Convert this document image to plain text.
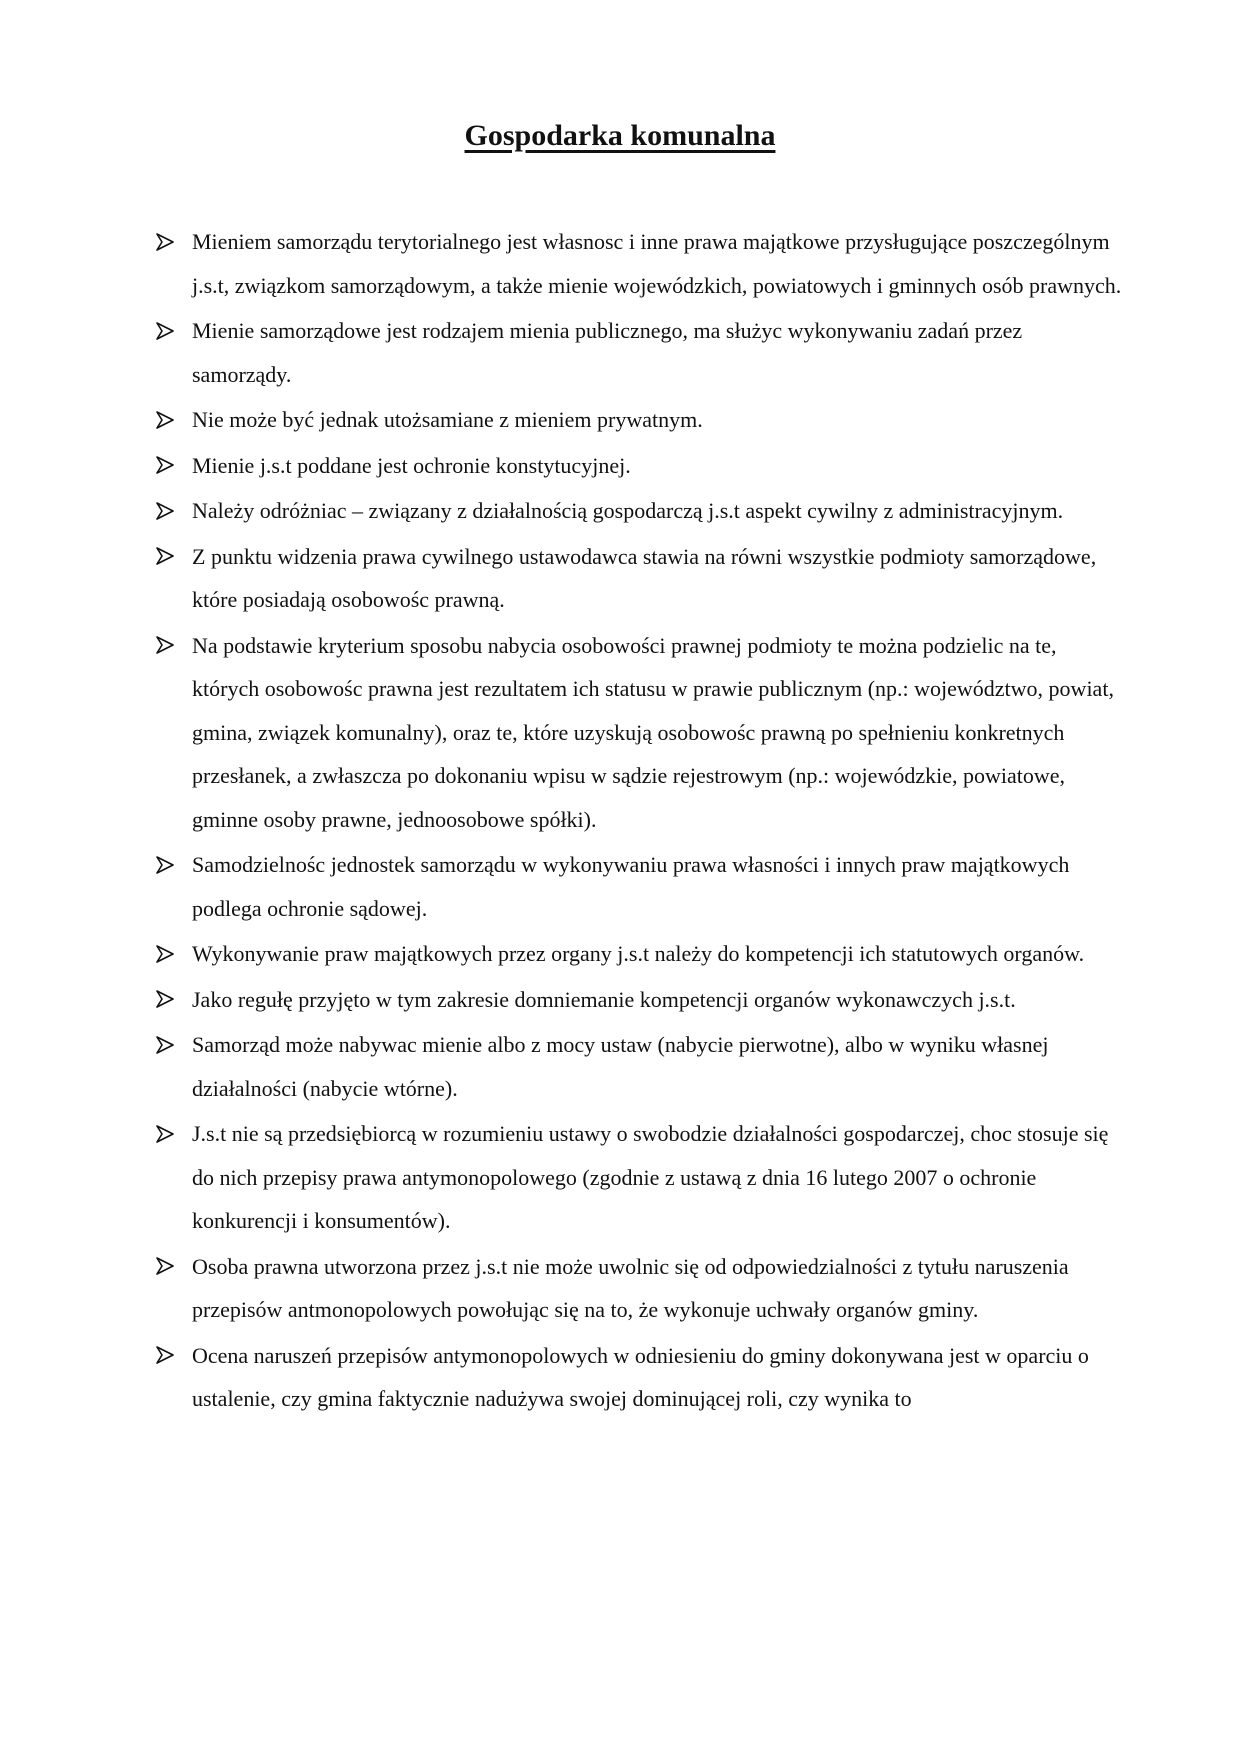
Gospodarka komunalna
Mieniem samorządu terytorialnego jest własnosc i inne prawa majątkowe przysługujące poszczególnym j.s.t, związkom samorządowym, a także mienie wojewódzkich, powiatowych i gminnych osób prawnych.
Mienie samorządowe jest rodzajem mienia publicznego, ma służyc wykonywaniu zadań przez samorządy.
Nie może być jednak utożsamiane z mieniem prywatnym.
Mienie j.s.t poddane jest ochronie konstytucyjnej.
Należy odróżniac – związany z działalnością gospodarczą j.s.t aspekt cywilny z administracyjnym.
Z punktu widzenia prawa cywilnego ustawodawca stawia na równi wszystkie podmioty samorządowe, które posiadają osobowośc prawną.
Na podstawie kryterium sposobu nabycia osobowości prawnej podmioty te można podzielic na te, których osobowośc prawna jest rezultatem ich statusu w prawie publicznym (np.: województwo, powiat, gmina, związek komunalny), oraz te, które uzyskują osobowośc prawną po spełnieniu konkretnych przesłanek, a zwłaszcza po dokonaniu wpisu w sądzie rejestrowym (np.: wojewódzkie, powiatowe, gminne osoby prawne, jednoosobowe spółki).
Samodzielnośc jednostek samorządu w wykonywaniu prawa własności i innych praw majątkowych podlega ochronie sądowej.
Wykonywanie praw majątkowych przez organy j.s.t należy do kompetencji ich statutowych organów.
Jako regułę przyjęto w tym zakresie domniemanie kompetencji organów wykonawczych j.s.t.
Samorząd może nabywac mienie albo z mocy ustaw (nabycie pierwotne), albo w wyniku własnej działalności (nabycie wtórne).
J.s.t nie są przedsiębiorcą w rozumieniu ustawy o swobodzie działalności gospodarczej, choc stosuje się do nich przepisy prawa antymonopolowego (zgodnie z ustawą z dnia 16 lutego 2007 o ochronie konkurencji i konsumentów).
Osoba prawna utworzona przez j.s.t nie może uwolnic się od odpowiedzialności z tytułu naruszenia przepisów antmonopolowych powołując się na to, że wykonuje uchwały organów gminy.
Ocena naruszeń przepisów antymonopolowych w odniesieniu do gminy dokonywana jest w oparciu o ustalenie, czy gmina faktycznie nadużywa swojej dominującej roli, czy wynika to
